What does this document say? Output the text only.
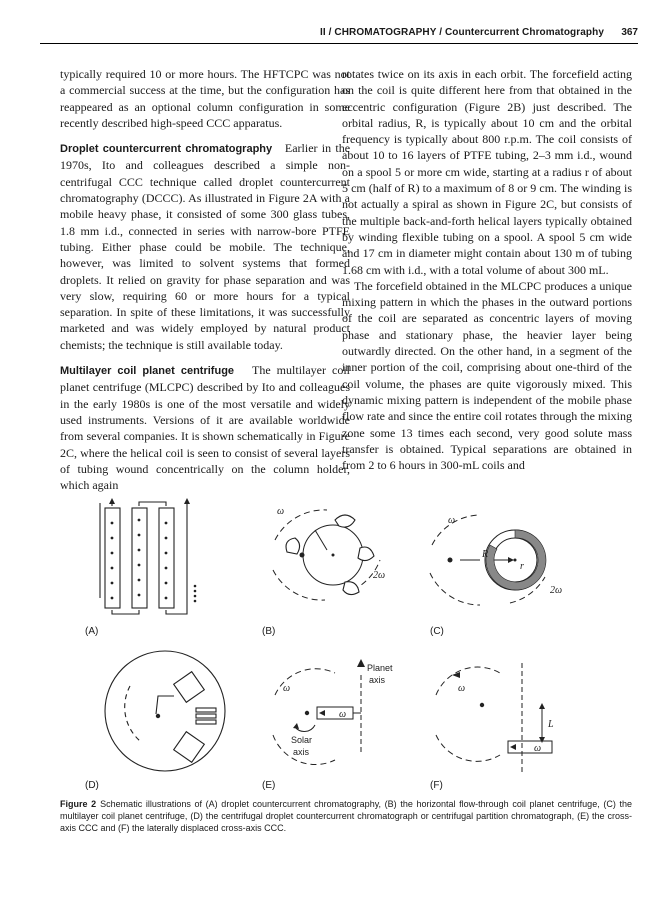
II / CHROMATOGRAPHY / Countercurrent Chromatography 367

typically required 10 or more hours. The HFTCPC was not a commercial success at the time, but the configuration has reappeared as an optional column configuration in some recently described high-speed CCC apparatus.

Droplet countercurrent chromatography Earlier in the 1970s, Ito and colleagues described a simple non-centrifugal CCC technique called droplet countercurrent chromatography (DCCC). As illustrated in Figure 2A with a mobile heavy phase, it consisted of some 300 glass tubes, 1.8 mm i.d., connected in series with narrow-bore PTFE tubing. Either phase could be mobile. The technique, however, was limited to solvent systems that formed droplets. It relied on gravity for phase separation and was very slow, requiring 60 or more hours for a typical separation. In spite of these limitations, it was successfully marketed and was widely employed by natural product chemists; the technique is still available today.

Multilayer coil planet centrifuge The multilayer coil planet centrifuge (MLCPC) described by Ito and colleagues in the early 1980s is one of the most versatile and widely used instruments. Versions of it are available worldwide from several companies. It is shown schematically in Figure 2C, where the helical coil is seen to consist of several layers of tubing wound concentrically on the column holder, which again

rotates twice on its axis in each orbit. The forcefield acting on the coil is quite different here from that obtained in the eccentric configuration (Figure 2B) just described. The orbital radius, R, is typically about 10 cm and the orbital frequency is typically about 800 r.p.m. The coil consists of about 10 to 16 layers of PTFE tubing, 2–3 mm i.d., wound on a spool 5 or more cm wide, starting at a radius r of about 5 cm (half of R) to a maximum of 8 or 9 cm. The winding is not actually a spiral as shown in Figure 2C, but consists of the multiple back-and-forth helical layers typically obtained by winding flexible tubing on a spool. A spool 5 cm wide and 17 cm in diameter might contain about 130 m of tubing 1.68 cm with i.d., with a total volume of about 300 mL.

The forcefield obtained in the MLCPC produces a unique mixing pattern in which the phases in the outward portions of the coil are separated as concentric layers of moving phase and stationary phase, the heavier layer being outwardly directed. On the other hand, in a segment of the inner portion of the coil, comprising about one-third of the coil volume, the phases are quite vigorously mixed. This dynamic mixing pattern is independent of the mobile phase flow rate and since the entire coil rotates through the mixing zone some 13 times each second, very good solute mass transfer is obtained. Typical separations are obtained in from 2 to 6 hours in 300-mL coils and

(A)
ω
2ω
(B)
ω
R
r
2ω
(C)
(D)
ω
ω
Planet
axis
Solar
axis
(E)
ω
ω
L
(F)
Figure 2 Schematic illustrations of (A) droplet countercurrent chromatography, (B) the horizontal flow-through coil planet centrifuge, (C) the multilayer coil planet centrifuge, (D) the centrifugal droplet countercurrent chromatograph or centrifugal partition chromatograph, (E) the cross-axis CCC and (F) the laterally displaced cross-axis CCC.
